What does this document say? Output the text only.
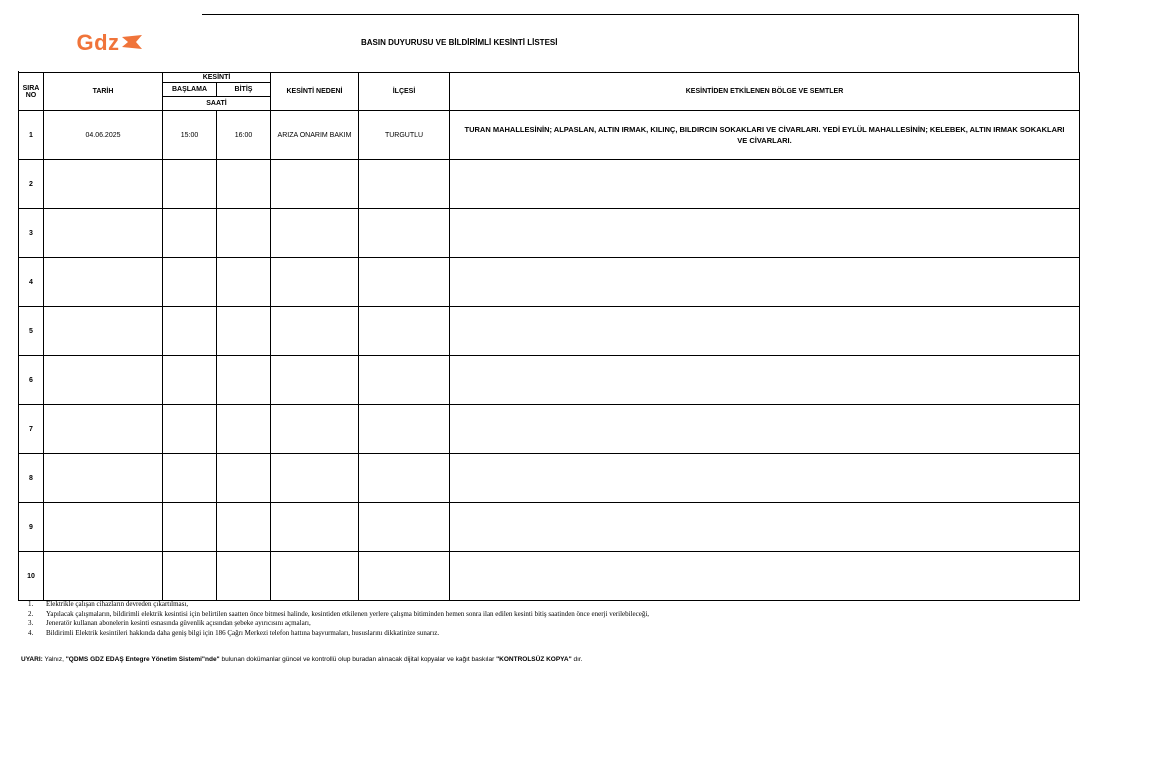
Gdz	BASIN DUYURUSU VE BİLDİRİMLİ KESİNTİ LİSTESİ
SIRA
NO	TARİH	KESİNTİ		KESİNTİ NEDENİ	İLÇESİ	KESİNTİDEN ETKİLENEN BÖLGE VE SEMTLER
		BAŞLAMA	BİTİŞ			
		SAATİ				
1	04.06.2025	15:00	16:00	ARIZA ONARIM BAKIM	TURGUTLU	TURAN MAHALLESİNİN; ALPASLAN, ALTIN IRMAK, KILINÇ, BILDIRCIN SOKAKLARI VE CİVARLARI. YEDİ EYLÜL MAHALLESİNİN; KELEBEK, ALTIN IRMAK SOKAKLARI VE CİVARLARI.
2						
3						
4						
5						
6						
7						
8						
9						
10						
1.	Elektrikle çalışan cihazların devreden çıkartılması,
2.	Yapılacak çalışmaların, bildirimli elektrik kesintisi için belirtilen saatten önce bitmesi halinde, kesintiden etkilenen yerlere çalışma bitiminden hemen sonra ilan edilen kesinti bitiş saatinden önce enerji verilebileceği,
3.	Jeneratör kullanan abonelerin kesinti esnasında güvenlik açısından şebeke ayırıcısını açmaları,
4.	Bildirimli Elektrik kesintileri hakkında daha geniş bilgi için 186 Çağrı Merkezi telefon hattına başvurmaları, hususlarını dikkatinize sunarız.
UYARI: Yalnız, "QDMS GDZ EDAŞ Entegre Yönetim Sistemi"nde" bulunan dokümanlar güncel ve kontrollü olup buradan alınacak dijital kopyalar ve kağıt baskılar "KONTROLSÜZ KOPYA" dır.
